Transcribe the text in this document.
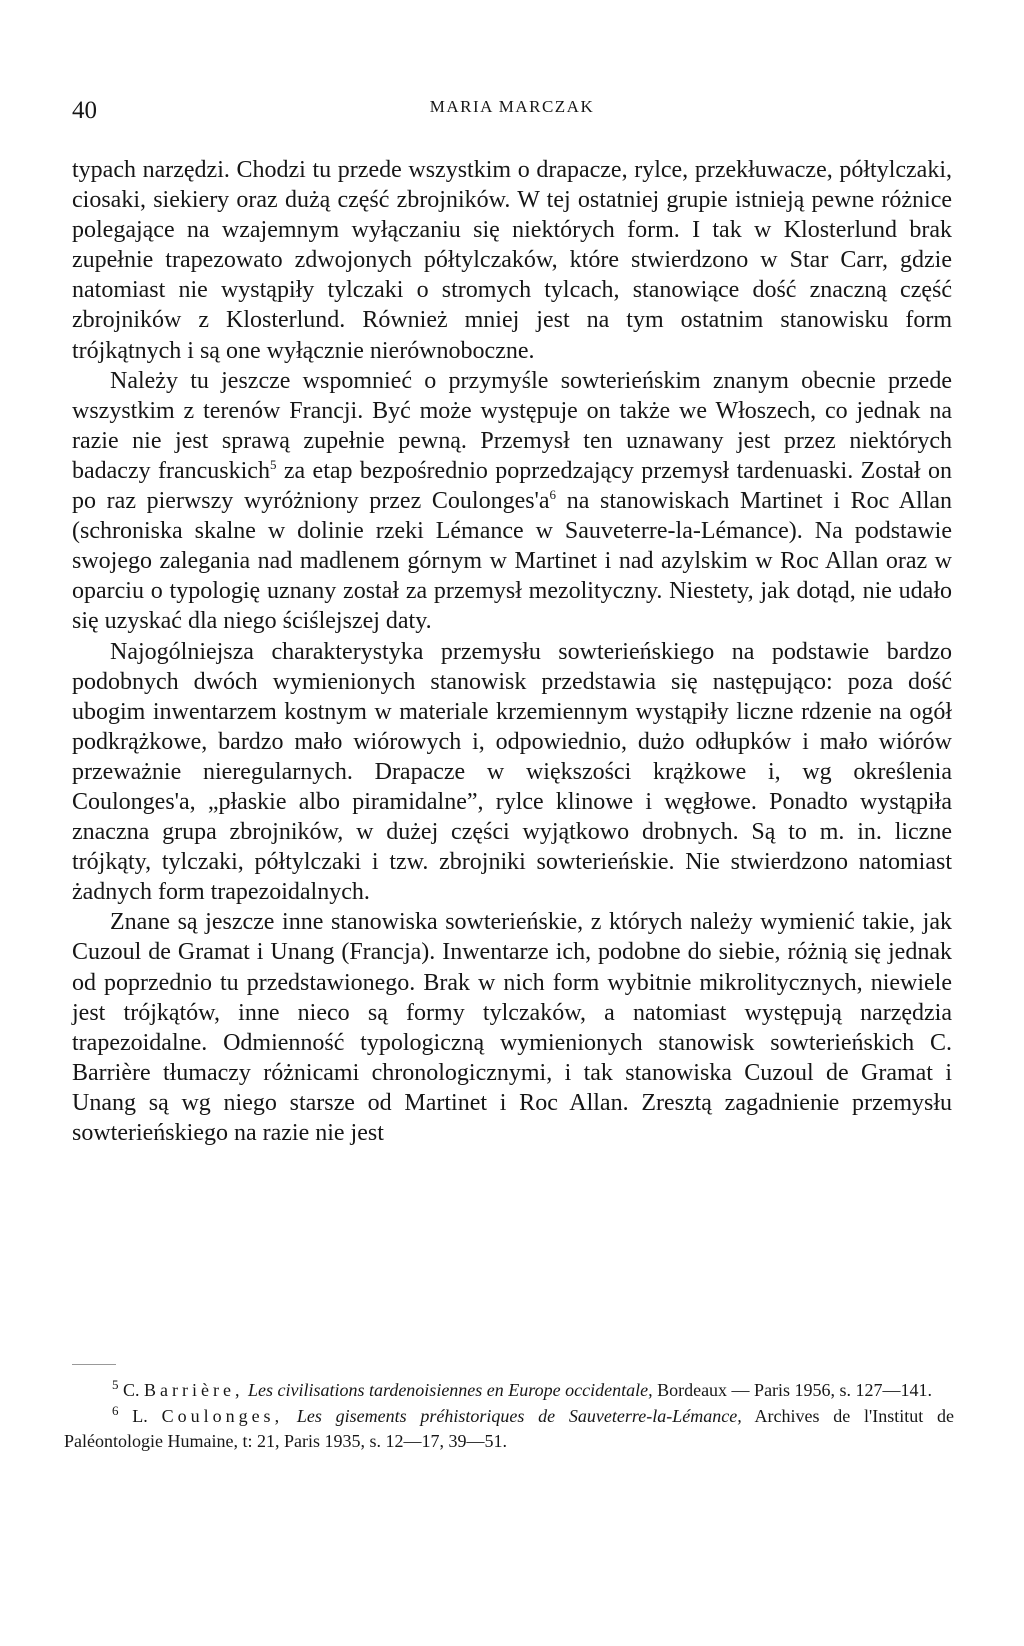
40	MARIA MARCZAK

typach narzędzi. Chodzi tu przede wszystkim o drapacze, rylce, przekłuwacze, półtylczaki, ciosaki, siekiery oraz dużą część zbrojników. W tej ostatniej grupie istnieją pewne różnice polegające na wzajemnym wyłączaniu się niektórych form. I tak w Klosterlund brak zupełnie trapezowato zdwojonych półtylczaków, które stwierdzono w Star Carr, gdzie natomiast nie wystąpiły tylczaki o stromych tylcach, stanowiące dość znaczną część zbrojników z Klosterlund. Również mniej jest na tym ostatnim stanowisku form trójkątnych i są one wyłącznie nierównoboczne.

Należy tu jeszcze wspomnieć o przymyśle sowterieńskim znanym obecnie przede wszystkim z terenów Francji. Być może występuje on także we Włoszech, co jednak na razie nie jest sprawą zupełnie pewną. Przemysł ten uznawany jest przez niektórych badaczy francuskich$^5$ za etap bezpośrednio poprzedzający przemysł tardenuaski. Został on po raz pierwszy wyróżniony przez $Coulonges'a^6$ na stanowiskach Martinet i Roc Allan (schroniska skalne w dolinie rzeki Lémance w Sauveterre-la-Lémance). Na podstawie swojego zalegania nad madlenem górnym w Martinet i nad azylskim w Roc Allan oraz w oparciu o typologię uznany został za przemysł mezolityczny. Niestety, jak dotąd, nie udało się uzyskać dla niego ściślejszej daty.

Najogólniejsza charakterystyka przemysłu sowterieńskiego na podstawie bardzo podobnych dwóch wymienionych stanowisk przedstawia się następująco: poza dość ubogim inwentarzem kostnym w materiale krzemiennym wystąpiły liczne rdzenie na ogół podkrążkowe, bardzo mało wiórowych i, odpowiednio, dużo odłupków i mało wiórów przeważnie nieregularnych. Drapacze w większości krążkowe i, wg określenia Coulonges'a, „płaskie albo piramidalne”, rylce klinowe i węgłowe. Ponadto wystąpiła znaczna grupa zbrojników, w dużej części wyjątkowo drobnych. Są to m. in. liczne trójkąty, tylczaki, półtylczaki i tzw. zbrojniki sowterieńskie. Nie stwierdzono natomiast żadnych form trapezoidalnych.

Znane są jeszcze inne stanowiska sowterieńskie, z których należy wymienić takie, jak Cuzoul de Gramat i Unang (Francja). Inwentarze ich, podobne do siebie, różnią się jednak od poprzednio tu przedstawionego. Brak w nich form wybitnie mikrolitycznych, niewiele jest trójkątów, inne nieco są formy tylczaków, a natomiast występują narzędzia trapezoidalne. Odmienność typologiczną wymienionych stanowisk sowterieńskich C. Barrière tłumaczy różnicami chronologicznymi, i tak stanowiska Cuzoul de Gramat i Unang są wg niego starsze od Martinet i Roc Allan. Zresztą zagadnienie przemysłu sowterieńskiego na razie nie jest

$^5$ C. Barrière, Les civilisations tardenoisiennes en Europe occidentale, Bordeaux — Paris 1956, s. 127—141.

$^6$ L. Coulonges, Les gisements préhistoriques de Sauveterre-la-Lémance, Archives de l'Institut de Paléontologie Humaine, t: 21, Paris 1935, s. 12—17, 39—51.
